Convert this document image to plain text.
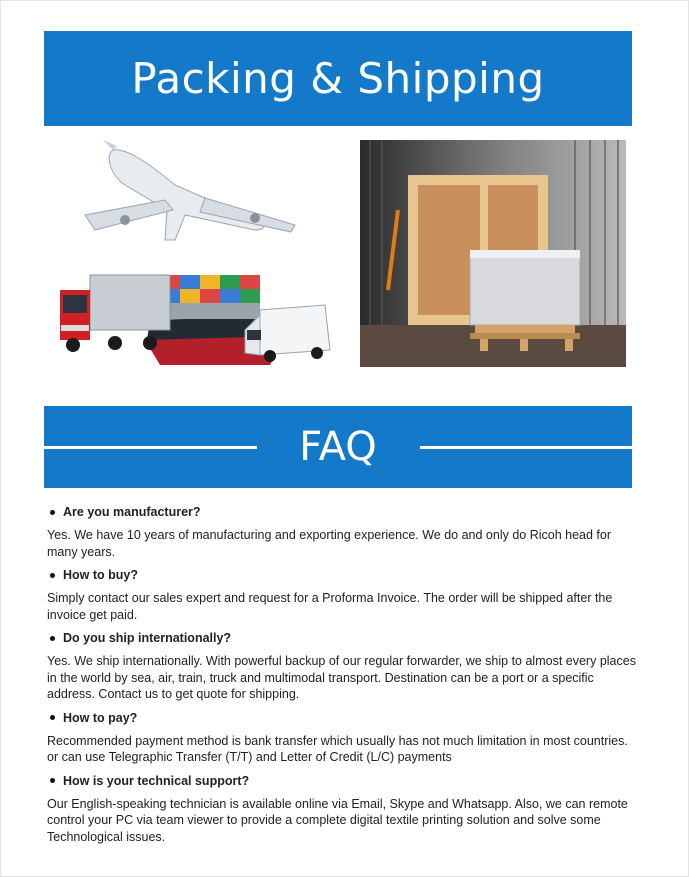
Packing & Shipping
FAQ
Are you manufacturer?
Yes. We have 10 years of manufacturing and exporting experience. We do and only do Ricoh head for many years.
How to buy?
Simply contact our sales expert and request for a Proforma Invoice. The order will be shipped after the invoice get paid.
Do you ship internationally?
Yes. We ship internationally. With powerful backup of our regular forwarder, we ship to almost every places in the world by sea, air, train, truck and multimodal transport. Destination can be a port or a specific address. Contact us to get quote for shipping.
How to pay?
Recommended payment method is bank transfer which usually has not much limitation in most countries. or can use Telegraphic Transfer (T/T) and Letter of Credit (L/C) payments
How is your technical support?
Our English-speaking technician is available online via Email, Skype and Whatsapp. Also, we can remote control your PC via team viewer to provide a complete digital textile printing solution and solve some Technological issues.
